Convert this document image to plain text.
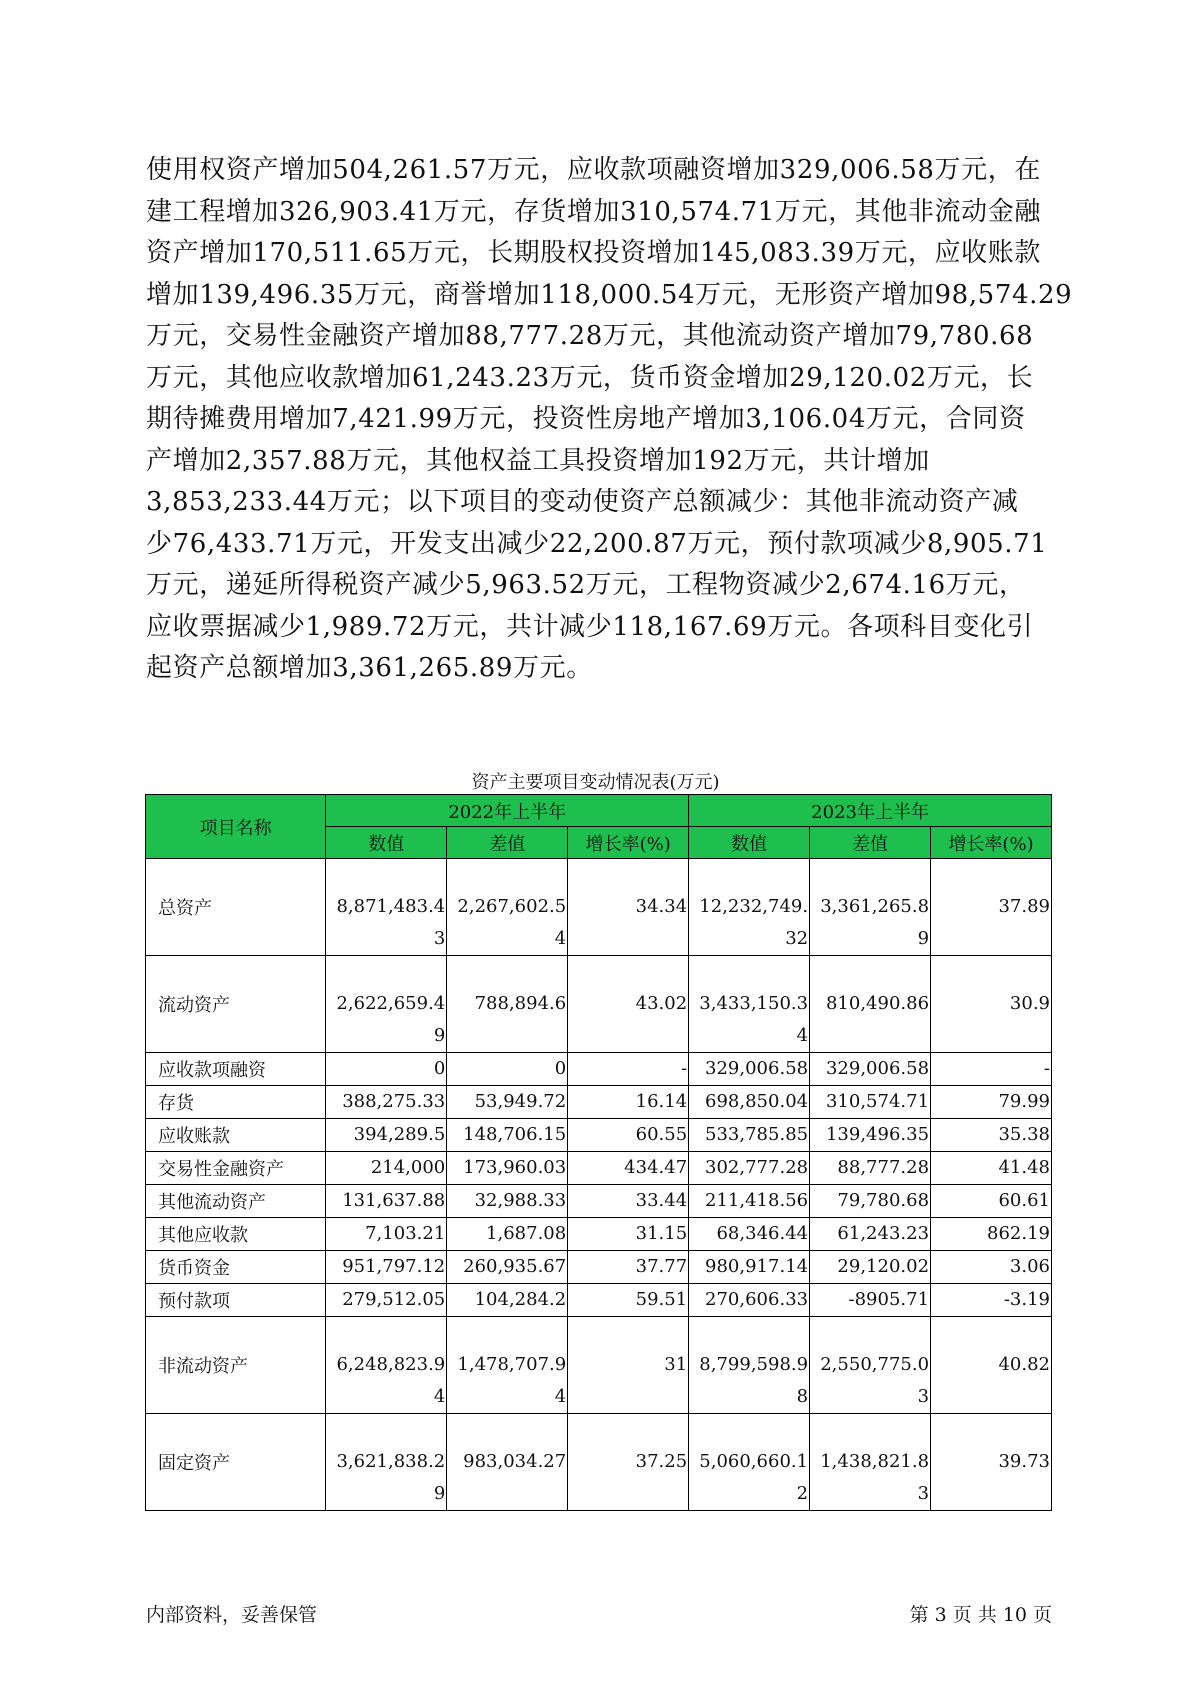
使用权资产增加504,261.57万元，应收款项融资增加329,006.58万元，在
建工程增加326,903.41万元，存货增加310,574.71万元，其他非流动金融
资产增加170,511.65万元，长期股权投资增加145,083.39万元，应收账款
增加139,496.35万元，商誉增加118,000.54万元，无形资产增加98,574.29
万元，交易性金融资产增加88,777.28万元，其他流动资产增加79,780.68
万元，其他应收款增加61,243.23万元，货币资金增加29,120.02万元，长
期待摊费用增加7,421.99万元，投资性房地产增加3,106.04万元，合同资
产增加2,357.88万元，其他权益工具投资增加192万元，共计增加
3,853,233.44万元；以下项目的变动使资产总额减少：其他非流动资产减
少76,433.71万元，开发支出减少22,200.87万元，预付款项减少8,905.71
万元，递延所得税资产减少5,963.52万元，工程物资减少2,674.16万元，
应收票据减少1,989.72万元，共计减少118,167.69万元。各项科目变化引
起资产总额增加3,361,265.89万元。
资产主要项目变动情况表(万元)
项目名称	2022年上半年			2023年上半年		
	数值	差值	增长率(%)	数值	差值	增长率(%)
总资产	8,871,483.43	2,267,602.54	34.34	12,232,749.32	3,361,265.89	37.89
流动资产	2,622,659.49	788,894.6	43.02	3,433,150.34	810,490.86	30.9
应收款项融资	0	0	-	329,006.58	329,006.58	-
存货	388,275.33	53,949.72	16.14	698,850.04	310,574.71	79.99
应收账款	394,289.5	148,706.15	60.55	533,785.85	139,496.35	35.38
交易性金融资产	214,000	173,960.03	434.47	302,777.28	88,777.28	41.48
其他流动资产	131,637.88	32,988.33	33.44	211,418.56	79,780.68	60.61
其他应收款	7,103.21	1,687.08	31.15	68,346.44	61,243.23	862.19
货币资金	951,797.12	260,935.67	37.77	980,917.14	29,120.02	3.06
预付款项	279,512.05	104,284.2	59.51	270,606.33	-8905.71	-3.19
非流动资产	6,248,823.94	1,478,707.94	31	8,799,598.98	2,550,775.03	40.82
固定资产	3,621,838.29	983,034.27	37.25	5,060,660.12	1,438,821.83	39.73
内部资料，妥善保管	第 3 页 共 10 页
